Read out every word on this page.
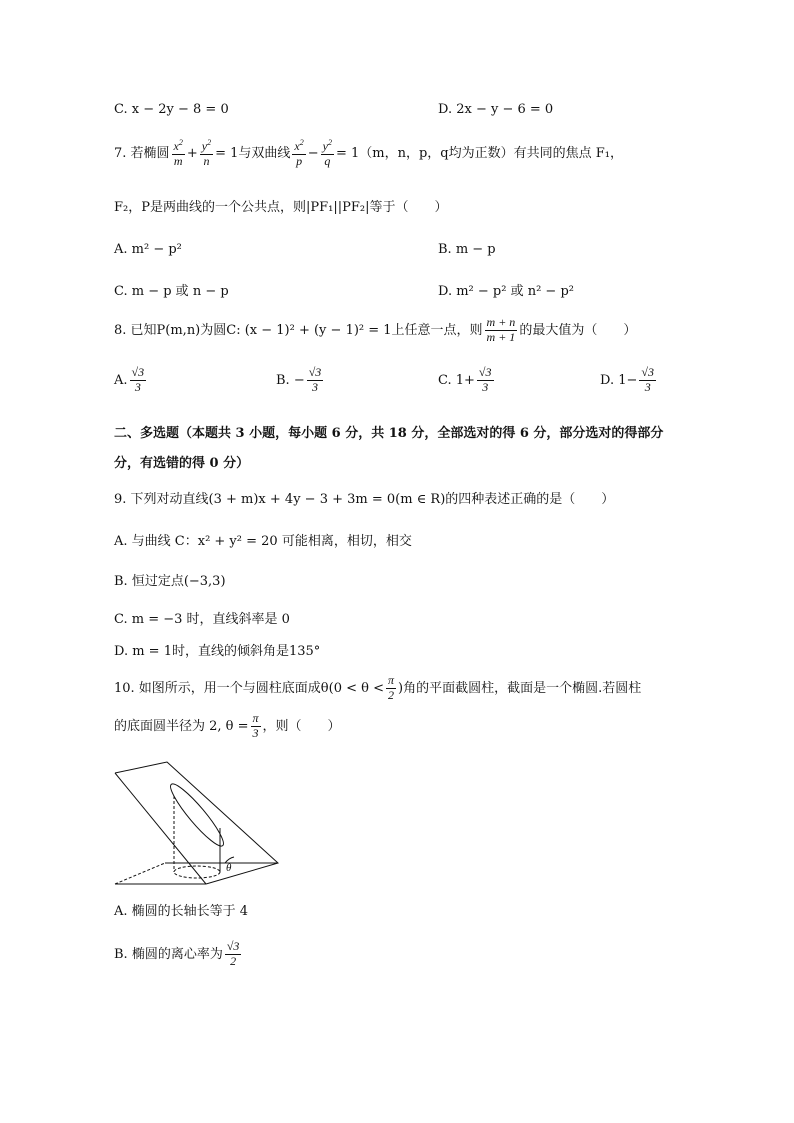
C. x − 2y − 8 = 0	D. 2x − y − 6 = 0
7. 若椭圆 $\frac{x^2}{m} + \frac{y^2}{n} = 1$与双曲线 $\frac{x^2}{p} - \frac{y^2}{q} = 1(m$，n，p，q均为正数）有共同的焦点 F₁，
F₂，P是两曲线的一个公共点，则|PF₁||PF₂|等于（　　）
A. m² − p²	B. m − p
C. m − p 或 n − p	D. m² − p² 或 n² − p²
8. 已知P(m,n)为圆C: (x − 1)² + (y − 1)² = 1上任意一点，则 $\frac{m + n}{m + 1}$ 的最大值为（　　）
A. $\frac{√3}{3}$	B. − $\frac{√3}{3}$	C. $1+ \frac{√3}{3}$	D. $1- \frac{√3}{3}$
二、多选题（本题共 3 小题，每小题 6 分，共 18 分，全部选对的得 6 分，部分选对的得部分
分，有选错的得 0 分）
9. 下列对动直线(3 + m)x + 4y − 3 + 3m = 0(m ∈ R)的四种表述正确的是（　　）
A. 与曲线 C：x² + y² = 20 可能相离，相切，相交
B. 恒过定点(−3,3)
C. m = −3 时，直线斜率是 0
D. m = 1时，直线的倾斜角是135°
10. 如图所示，用一个与圆柱底面成$\theta(0 < \theta < \frac{\pi}{2}$ )角的平面截圆柱，截面是一个椭圆.若圆柱
的底面圆半径为 2, $\theta = \frac{\pi}{3}$ ，则（　　）
θ
A. 椭圆的长轴长等于 4
B. 椭圆的离心率为 $\frac{√3}{2}$
